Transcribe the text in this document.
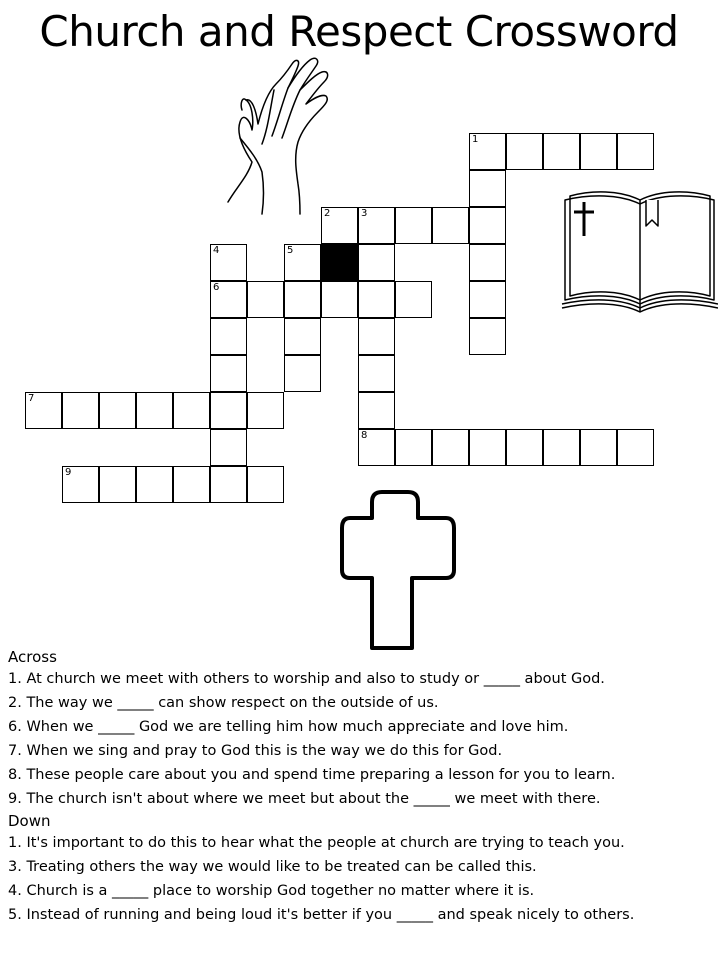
Church and Respect Crossword
1
2	3
4	5
6
7
8
9
Across
1. At church we meet with others to worship and also to study or _____ about God.
2. The way we _____ can show respect on the outside of us.
6. When we _____ God we are telling him how much appreciate and love him.
7. When we sing and pray to God this is the way we do this for God.
8. These people care about you and spend time preparing a lesson for you to learn.
9. The church isn't about where we meet but about the _____ we meet with there.
Down
1. It's important to do this to hear what the people at church are trying to teach you.
3. Treating others the way we would like to be treated can be called this.
4. Church is a _____ place to worship God together no matter where it is.
5. Instead of running and being loud it's better if you _____ and speak nicely to others.
